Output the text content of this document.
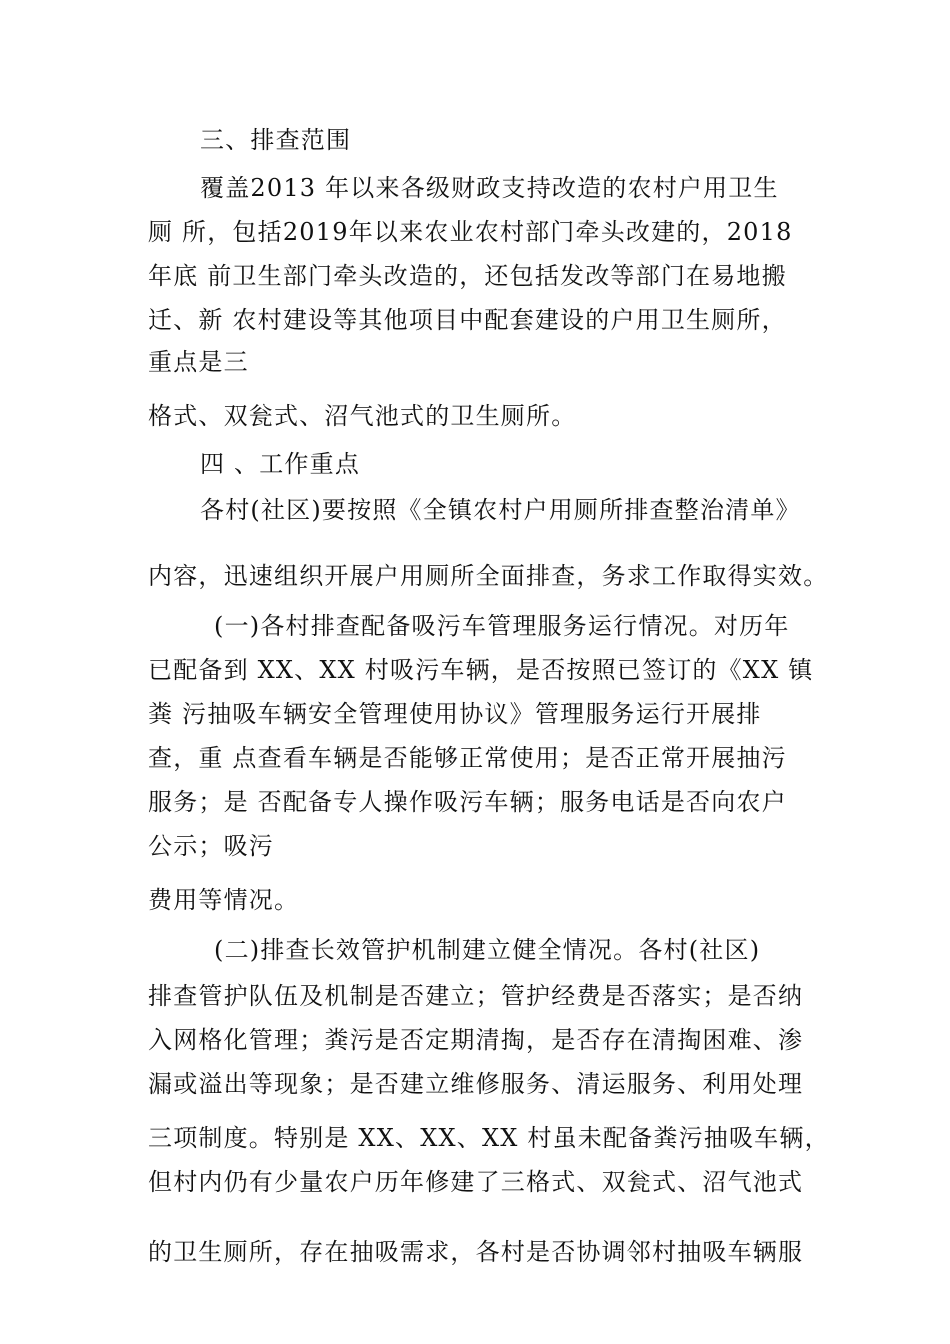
三、排查范围
覆盖2013 年以来各级财政支持改造的农村户用卫生
厕 所，包括2019年以来农业农村部门牵头改建的，2018
年底 前卫生部门牵头改造的，还包括发改等部门在易地搬
迁、新 农村建设等其他项目中配套建设的户用卫生厕所，
重点是三
格式、双瓮式、沼气池式的卫生厕所。
四 、工作重点
各村(社区)要按照《全镇农村户用厕所排查整治清单》
内容，迅速组织开展户用厕所全面排查，务求工作取得实效。
(一)各村排查配备吸污车管理服务运行情况。对历年
已配备到 XX、XX 村吸污车辆，是否按照已签订的《XX 镇
粪 污抽吸车辆安全管理使用协议》管理服务运行开展排
查，重 点查看车辆是否能够正常使用；是否正常开展抽污
服务；是 否配备专人操作吸污车辆；服务电话是否向农户
公示；吸污
费用等情况。
(二)排查长效管护机制建立健全情况。各村(社区)
排查管护队伍及机制是否建立；管护经费是否落实；是否纳
入网格化管理；粪污是否定期清掏，是否存在清掏困难、渗
漏或溢出等现象；是否建立维修服务、清运服务、利用处理
三项制度。特别是 XX、XX、XX 村虽未配备粪污抽吸车辆，
但村内仍有少量农户历年修建了三格式、双瓮式、沼气池式
的卫生厕所，存在抽吸需求，各村是否协调邻村抽吸车辆服
